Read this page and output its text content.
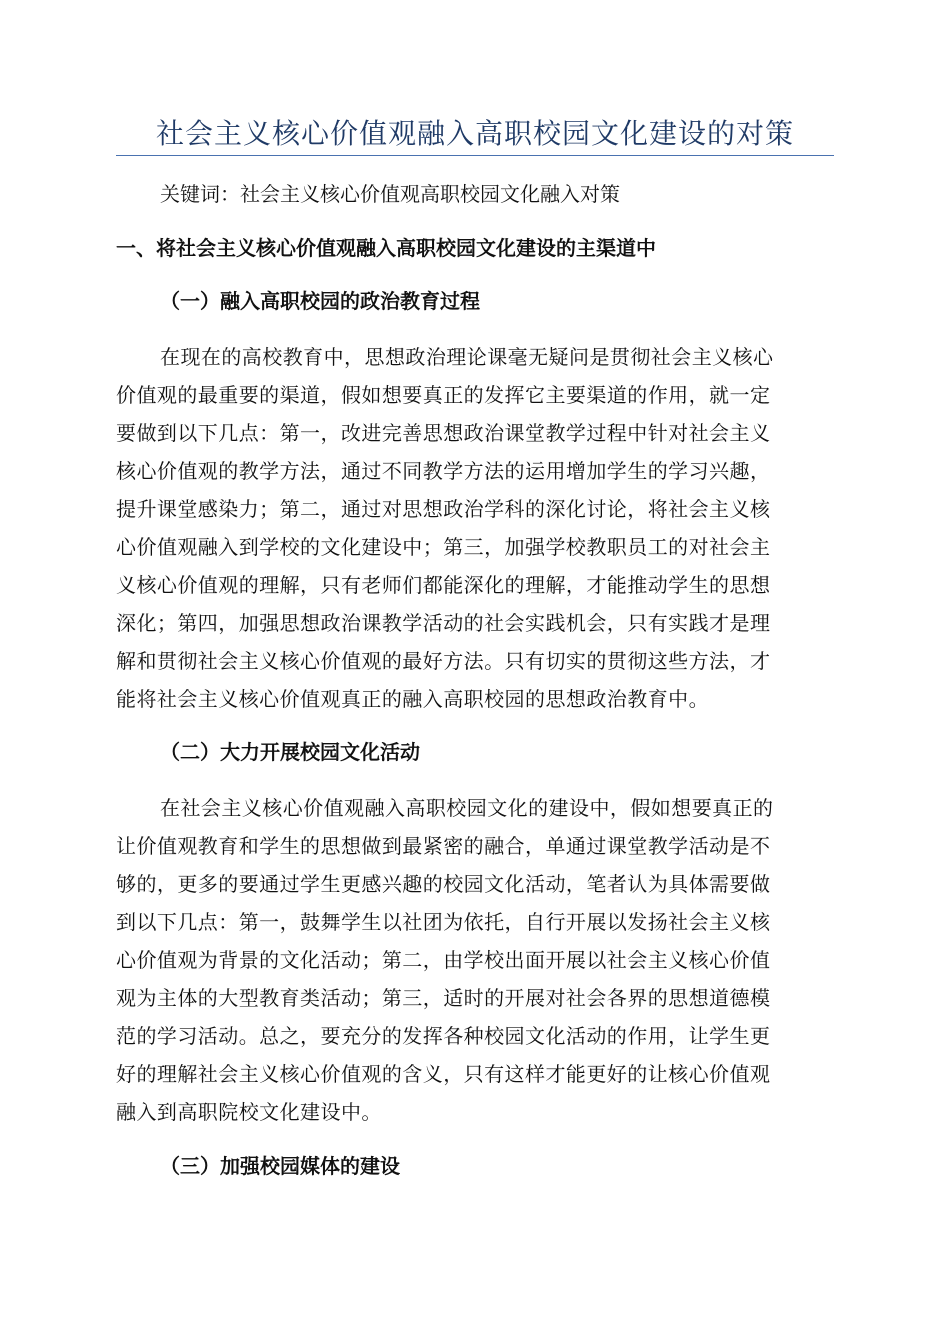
社会主义核心价值观融入高职校园文化建设的对策

关键词：社会主义核心价值观高职校园文化融入对策

一、将社会主义核心价值观融入高职校园文化建设的主渠道中
（一）融入高职校园的政治教育过程
在现在的高校教育中，思想政治理论课毫无疑问是贯彻社会主义核心
价值观的最重要的渠道，假如想要真正的发挥它主要渠道的作用，就一定
要做到以下几点：第一，改进完善思想政治课堂教学过程中针对社会主义
核心价值观的教学方法，通过不同教学方法的运用增加学生的学习兴趣，
提升课堂感染力；第二，通过对思想政治学科的深化讨论，将社会主义核
心价值观融入到学校的文化建设中；第三，加强学校教职员工的对社会主
义核心价值观的理解，只有老师们都能深化的理解，才能推动学生的思想
深化；第四，加强思想政治课教学活动的社会实践机会，只有实践才是理
解和贯彻社会主义核心价值观的最好方法。只有切实的贯彻这些方法，才
能将社会主义核心价值观真正的融入高职校园的思想政治教育中。
（二）大力开展校园文化活动
在社会主义核心价值观融入高职校园文化的建设中，假如想要真正的
让价值观教育和学生的思想做到最紧密的融合，单通过课堂教学活动是不
够的，更多的要通过学生更感兴趣的校园文化活动，笔者认为具体需要做
到以下几点：第一，鼓舞学生以社团为依托，自行开展以发扬社会主义核
心价值观为背景的文化活动；第二，由学校出面开展以社会主义核心价值
观为主体的大型教育类活动；第三，适时的开展对社会各界的思想道德模
范的学习活动。总之，要充分的发挥各种校园文化活动的作用，让学生更
好的理解社会主义核心价值观的含义，只有这样才能更好的让核心价值观
融入到高职院校文化建设中。
（三）加强校园媒体的建设
